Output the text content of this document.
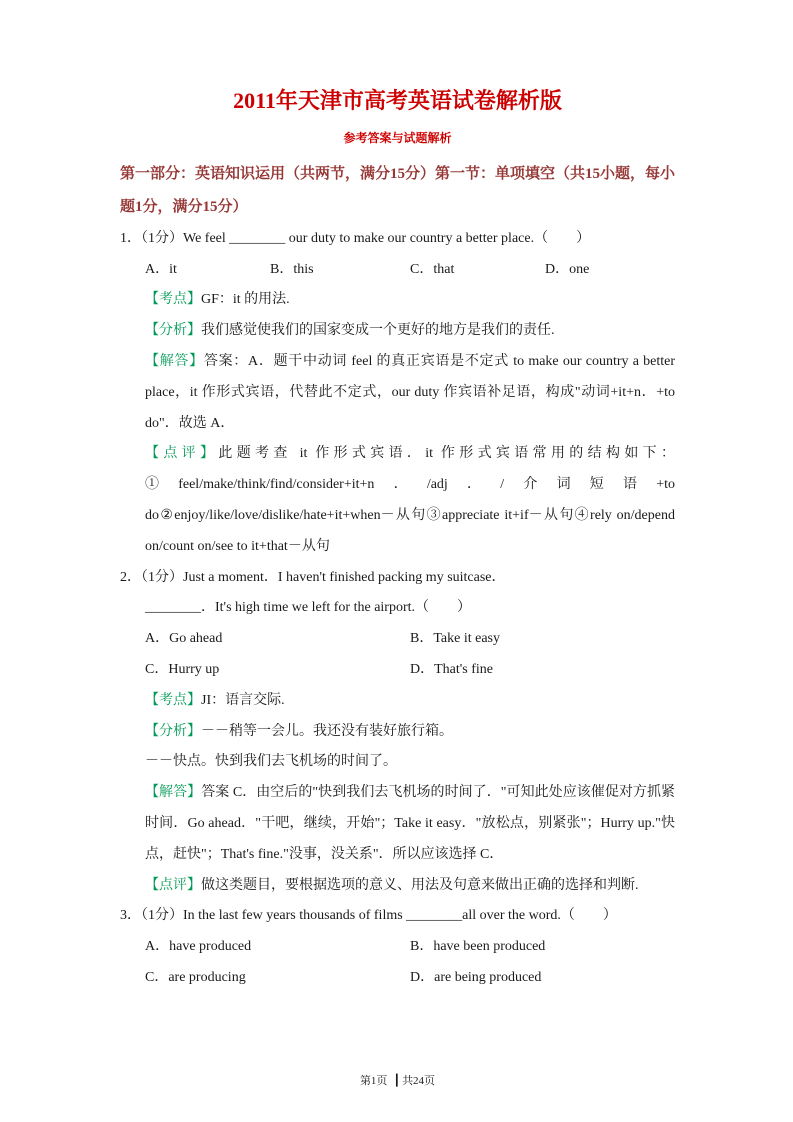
2011年天津市高考英语试卷解析版
参考答案与试题解析
第一部分：英语知识运用（共两节，满分15分）第一节：单项填空（共15小题，每小题1分，满分15分）
1．（1分）We feel ________ our duty to make our country a better place.（　　）
A．it	B．this	C．that	D．one

【考点】GF：it 的用法.

【分析】我们感觉使我们的国家变成一个更好的地方是我们的责任.

【解答】答案：A．题干中动词 feel 的真正宾语是不定式 to make our country a better place，it 作形式宾语，代替此不定式，our duty 作宾语补足语，构成"动词+it+n．+to do"．故选 A．

【点评】此题考查 it 作形式宾语．it 作形式宾语常用的结构如下：①feel/make/think/find/consider+it+n．/adj．/介词短语+to do②enjoy/like/love/dislike/hate+it+when－从句③appreciate it+if－从句④rely on/depend on/count on/see to it+that－从句

2．（1分）Just a moment．I haven't finished packing my suitcase．
________．It's high time we left for the airport.（　　）
A．Go ahead	B．Take it easy
C．Hurry up	D．That's fine

【考点】JI：语言交际.

【分析】－－稍等一会儿。我还没有装好旅行箱。

－－快点。快到我们去飞机场的时间了。

【解答】答案 C．由空后的"快到我们去飞机场的时间了．"可知此处应该催促对方抓紧时间．Go ahead．"干吧，继续，开始"；Take it easy．"放松点，别紧张"；Hurry up."快点，赶快"；That's fine."没事，没关系"．所以应该选择 C．

【点评】做这类题目，要根据选项的意义、用法及句意来做出正确的选择和判断.

3．（1分）In the last few years thousands of films ________all over the word.（　　）
A．have produced	B．have been produced
C．are producing	D．are being produced
第1页 ┃ 共24页
